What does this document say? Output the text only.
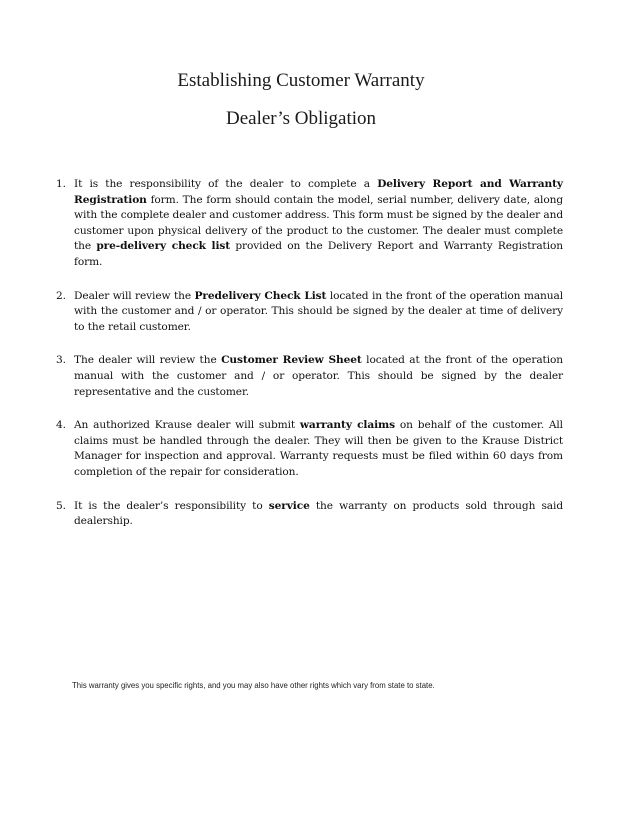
Establishing Customer Warranty
Dealer’s Obligation
1. It is the responsibility of the dealer to complete a Delivery Report and Warranty Registration form. The form should contain the model, serial number, delivery date, along with the complete dealer and customer address. This form must be signed by the dealer and customer upon physical delivery of the product to the customer. The dealer must complete the pre-delivery check list provided on the Delivery Report and Warranty Registration form.
2. Dealer will review the Predelivery Check List located in the front of the operation manual with the customer and / or operator. This should be signed by the dealer at time of delivery to the retail customer.
3. The dealer will review the Customer Review Sheet located at the front of the operation manual with the customer and / or operator. This should be signed by the dealer representative and the customer.
4. An authorized Krause dealer will submit warranty claims on behalf of the customer. All claims must be handled through the dealer. They will then be given to the Krause District Manager for inspection and approval. Warranty requests must be filed within 60 days from completion of the repair for consideration.
5. It is the dealer’s responsibility to service the warranty on products sold through said dealership.
This warranty gives you specific rights, and you may also have other rights which vary from state to state.
